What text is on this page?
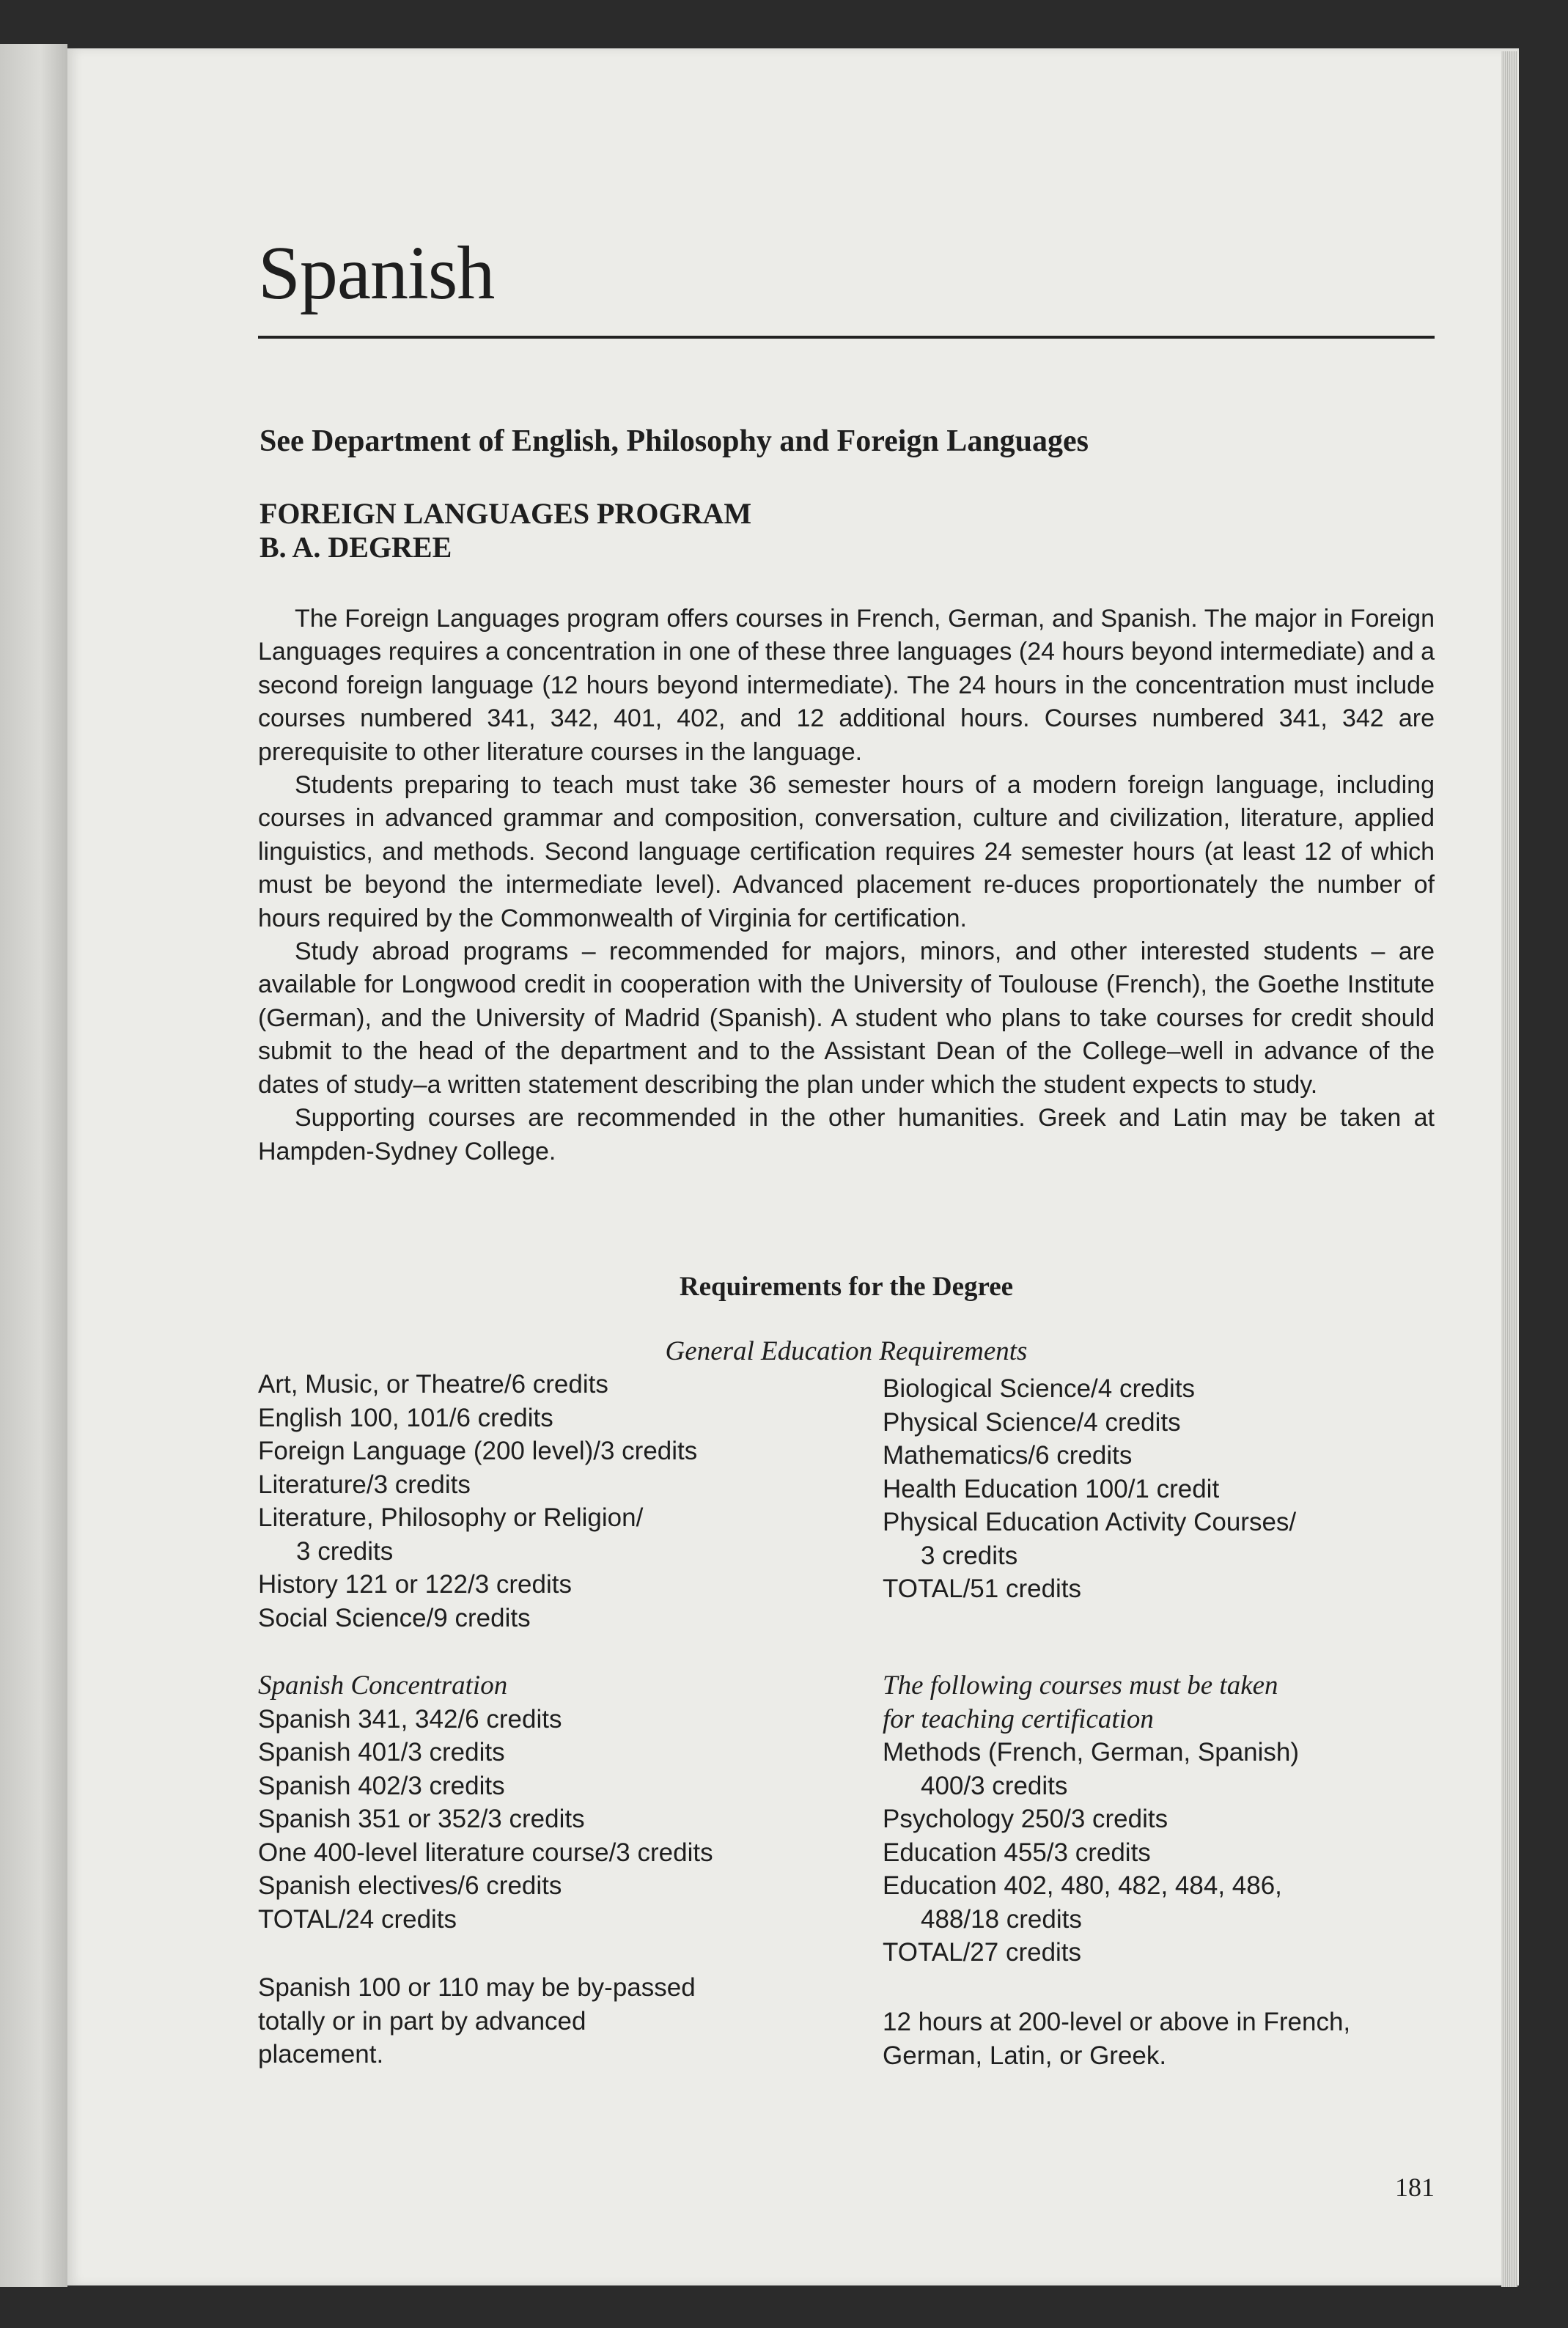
Spanish
See Department of English, Philosophy and Foreign Languages
FOREIGN LANGUAGES PROGRAM
B. A. DEGREE

The Foreign Languages program offers courses in French, German, and Spanish. The major in Foreign Languages requires a concentration in one of these three languages (24 hours beyond intermediate) and a second foreign language (12 hours beyond intermediate). The 24 hours in the concentration must include courses numbered 341, 342, 401, 402, and 12 additional hours. Courses numbered 341, 342 are prerequisite to other literature courses in the language.

Students preparing to teach must take 36 semester hours of a modern foreign language, including courses in advanced grammar and composition, conversation, culture and civilization, literature, applied linguistics, and methods. Second language certification requires 24 semester hours (at least 12 of which must be beyond the intermediate level). Advanced placement re-duces proportionately the number of hours required by the Commonwealth of Virginia for certification.

Study abroad programs – recommended for majors, minors, and other interested students – are available for Longwood credit in cooperation with the University of Toulouse (French), the Goethe Institute (German), and the University of Madrid (Spanish). A student who plans to take courses for credit should submit to the head of the department and to the Assistant Dean of the College–well in advance of the dates of study–a written statement describing the plan under which the student expects to study.

Supporting courses are recommended in the other humanities. Greek and Latin may be taken at Hampden-Sydney College.

Requirements for the Degree
General Education Requirements
Art, Music, or Theatre/6 credits
English 100, 101/6 credits
Foreign Language (200 level)/3 credits
Literature/3 credits
Literature, Philosophy or Religion/
3 credits
History 121 or 122/3 credits
Social Science/9 credits
Biological Science/4 credits
Physical Science/4 credits
Mathematics/6 credits
Health Education 100/1 credit
Physical Education Activity Courses/
3 credits
TOTAL/51 credits
Spanish Concentration
Spanish 341, 342/6 credits
Spanish 401/3 credits
Spanish 402/3 credits
Spanish 351 or 352/3 credits
One 400-level literature course/3 credits
Spanish electives/6 credits
TOTAL/24 credits
The following courses must be taken
for teaching certification
Methods (French, German, Spanish)
400/3 credits
Psychology 250/3 credits
Education 455/3 credits
Education 402, 480, 482, 484, 486,
488/18 credits
TOTAL/27 credits
Spanish 100 or 110 may be by-passed
totally or in part by advanced
placement.
12 hours at 200-level or above in French,
German, Latin, or Greek.
181
